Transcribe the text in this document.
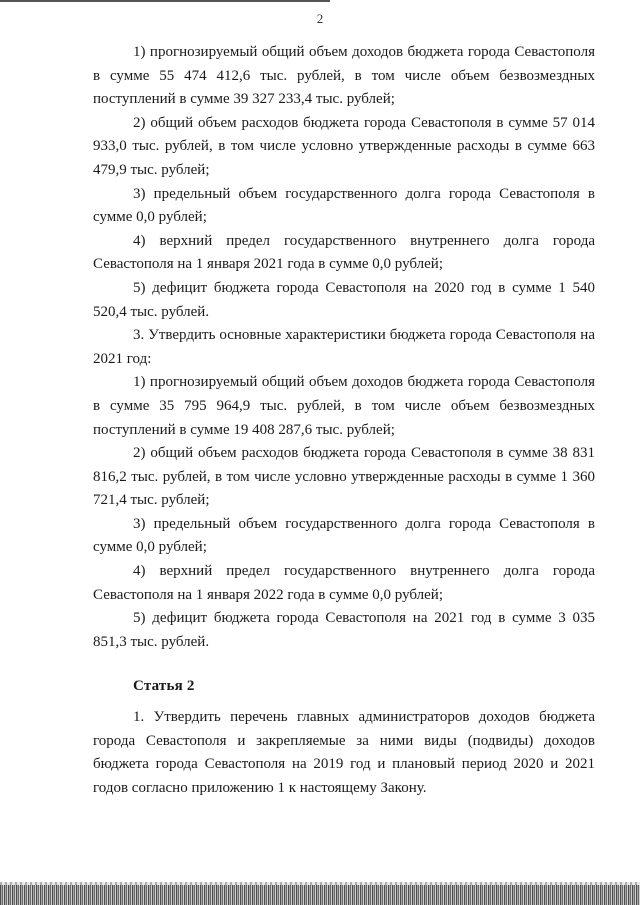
2

1) прогнозируемый общий объем доходов бюджета города Севастополя в сумме 55 474 412,6 тыс. рублей, в том числе объем безвозмездных поступлений в сумме 39 327 233,4 тыс. рублей;

2) общий объем расходов бюджета города Севастополя в сумме 57 014 933,0 тыс. рублей, в том числе условно утвержденные расходы в сумме 663 479,9 тыс. рублей;

3) предельный объем государственного долга города Севастополя в сумме 0,0 рублей;

4) верхний предел государственного внутреннего долга города Севастополя на 1 января 2021 года в сумме 0,0 рублей;

5) дефицит бюджета города Севастополя на 2020 год в сумме 1 540 520,4 тыс. рублей.

3. Утвердить основные характеристики бюджета города Севастополя на 2021 год:

1) прогнозируемый общий объем доходов бюджета города Севастополя в сумме 35 795 964,9 тыс. рублей, в том числе объем безвозмездных поступлений в сумме 19 408 287,6 тыс. рублей;

2) общий объем расходов бюджета города Севастополя в сумме 38 831 816,2 тыс. рублей, в том числе условно утвержденные расходы в сумме 1 360 721,4 тыс. рублей;

3) предельный объем государственного долга города Севастополя в сумме 0,0 рублей;

4) верхний предел государственного внутреннего долга города Севастополя на 1 января 2022 года в сумме 0,0 рублей;

5) дефицит бюджета города Севастополя на 2021 год в сумме 3 035 851,3 тыс. рублей.

Статья 2

1. Утвердить перечень главных администраторов доходов бюджета города Севастополя и закрепляемые за ними виды (подвиды) доходов бюджета города Севастополя на 2019 год и плановый период 2020 и 2021 годов согласно приложению 1 к настоящему Закону.
